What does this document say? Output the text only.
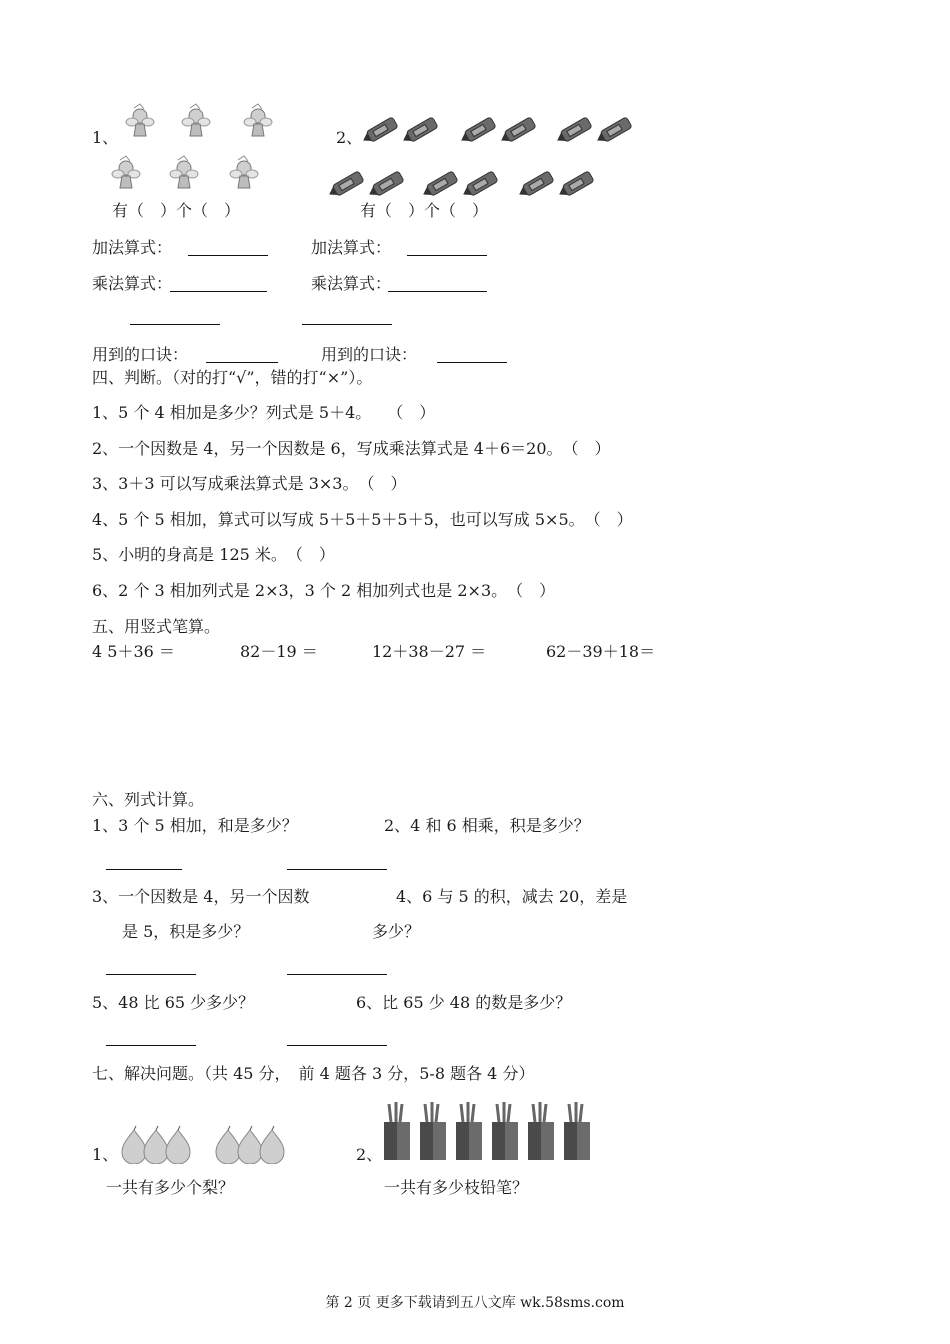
1、	2、
有（　）个（　）	有（　）个（　）
加法算式：	加法算式：
乘法算式：	乘法算式：
用到的口诀：	用到的口诀：
四、判断。（对的打“√”，错的打“×”）。
1、5 个 4 相加是多少？列式是 5＋4。　　（　）
2、一个因数是 4，另一个因数是 6，写成乘法算式是 4＋6＝20。　（　）
3、3＋3 可以写成乘法算式是 3×3。　（　）
4、5 个 5 相加，算式可以写成 5＋5＋5＋5＋5，也可以写成 5×5。　（　）
5、小明的身高是 125 米。　（　）
6、2 个 3 相加列式是 2×3，3 个 2 相加列式也是 2×3。　（　）
五、用竖式笔算。
4 5＋36 ＝	82－19 ＝	12＋38－27 ＝	62－39＋18＝
六、列式计算。
1、3 个 5 相加，和是多少？	2、4 和 6 相乘，积是多少？
3、一个因数是 4，另一个因数	4、6 与 5 的积，减去 20，差是
是 5，积是多少？	多少？
5、48 比 65 少多少？	6、比 65 少 48 的数是多少？
七、解决问题。（共 45 分，　前 4 题各 3 分，5-8 题各 4 分）
1、	2、
一共有多少个梨？	一共有多少枝铅笔？
第 2 页 更多下载请到五八文库 wk.58sms.com
